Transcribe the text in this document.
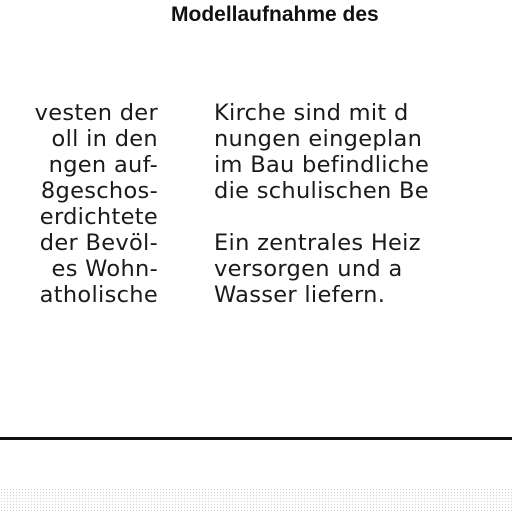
Modellaufnahme des
vesten der
oll in den
ngen auf-
8geschos-
erdichtete
der Bevöl-
es Wohn-
atholische
Kirche sind mit d
nungen eingeplan
im Bau befindliche
die schulischen Be
Ein zentrales Heiz
versorgen und a
Wasser liefern.
